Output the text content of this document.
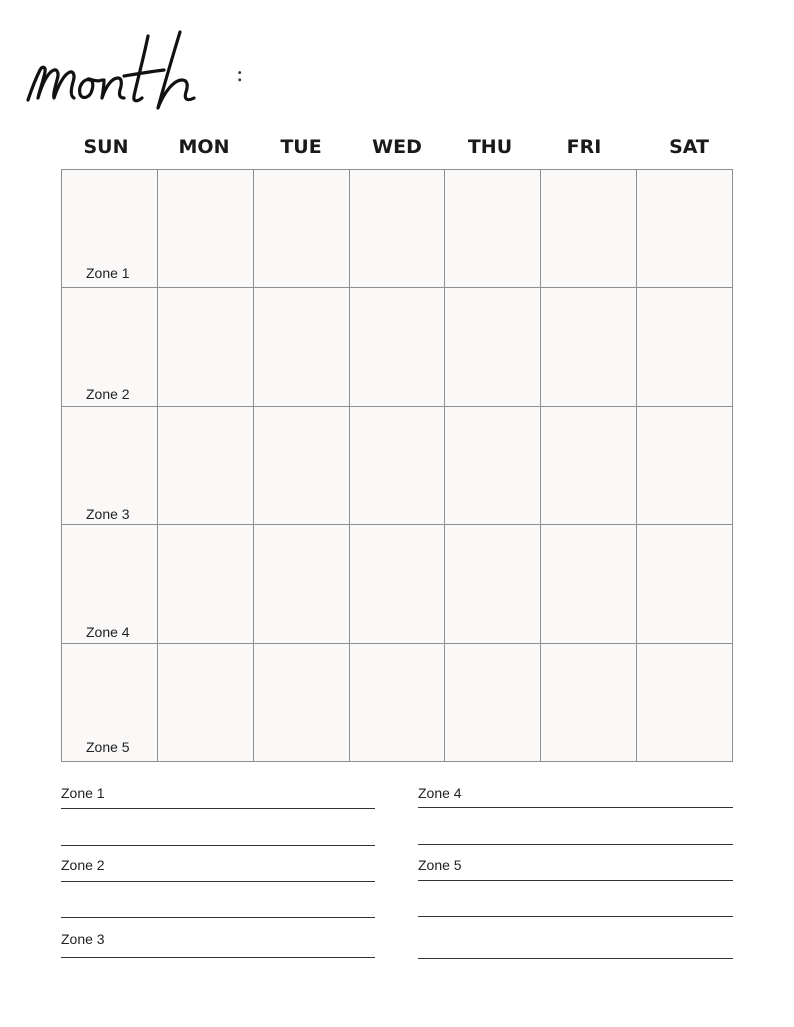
:
SUN	MON	TUE	WED THU	FRI	SAT
Zone 1
Zone 2
Zone 3
Zone 4
Zone 5
Zone 1
Zone 2
Zone 3
Zone 4
Zone 5
